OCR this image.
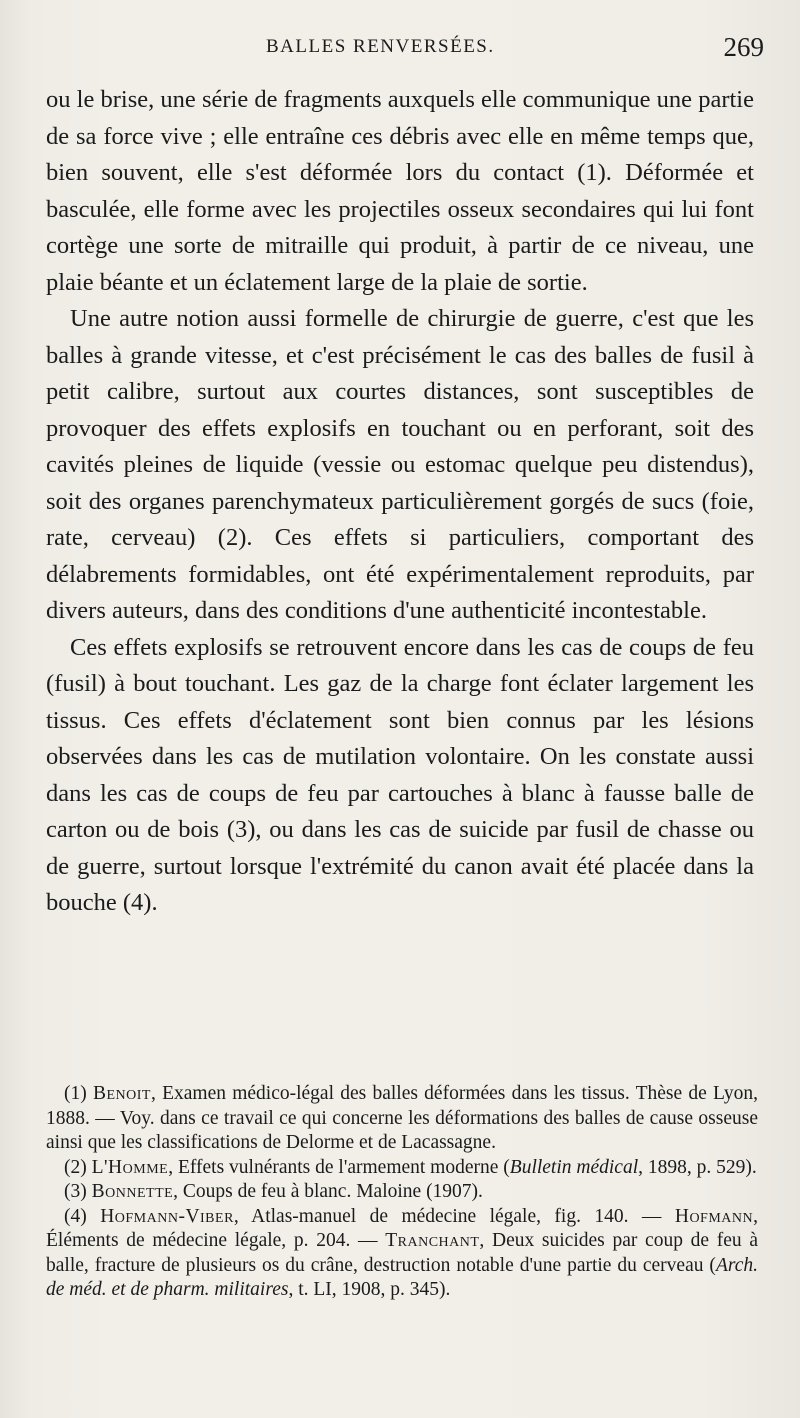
BALLES RENVERSÉES.	269

ou le brise, une série de fragments auxquels elle communique une partie de sa force vive ; elle entraîne ces débris avec elle en même temps que, bien souvent, elle s'est déformée lors du contact (1). Déformée et basculée, elle forme avec les projectiles osseux secondaires qui lui font cortège une sorte de mitraille qui produit, à partir de ce niveau, une plaie béante et un éclatement large de la plaie de sortie.

Une autre notion aussi formelle de chirurgie de guerre, c'est que les balles à grande vitesse, et c'est précisément le cas des balles de fusil à petit calibre, surtout aux courtes distances, sont susceptibles de provoquer des effets explosifs en touchant ou en perforant, soit des cavités pleines de liquide (vessie ou estomac quelque peu distendus), soit des organes parenchymateux particulièrement gorgés de sucs (foie, rate, cerveau) (2). Ces effets si particuliers, comportant des délabrements formidables, ont été expérimentalement reproduits, par divers auteurs, dans des conditions d'une authenticité incontestable.

Ces effets explosifs se retrouvent encore dans les cas de coups de feu (fusil) à bout touchant. Les gaz de la charge font éclater largement les tissus. Ces effets d'éclatement sont bien connus par les lésions observées dans les cas de mutilation volontaire. On les constate aussi dans les cas de coups de feu par cartouches à blanc à fausse balle de carton ou de bois (3), ou dans les cas de suicide par fusil de chasse ou de guerre, surtout lorsque l'extrémité du canon avait été placée dans la bouche (4).

(1) Benoit, Examen médico-légal des balles déformées dans les tissus. Thèse de Lyon, 1888. — Voy. dans ce travail ce qui concerne les déformations des balles de cause osseuse ainsi que les classifications de Delorme et de Lacassagne.

(2) L'Homme, Effets vulnérants de l'armement moderne (Bulletin médical, 1898, p. 529).

(3) Bonnette, Coups de feu à blanc. Maloine (1907).

(4) Hofmann-Viber, Atlas-manuel de médecine légale, fig. 140. — Hofmann, Éléments de médecine légale, p. 204. — Tranchant, Deux suicides par coup de feu à balle, fracture de plusieurs os du crâne, destruction notable d'une partie du cerveau (Arch. de méd. et de pharm. militaires, t. LI, 1908, p. 345).
